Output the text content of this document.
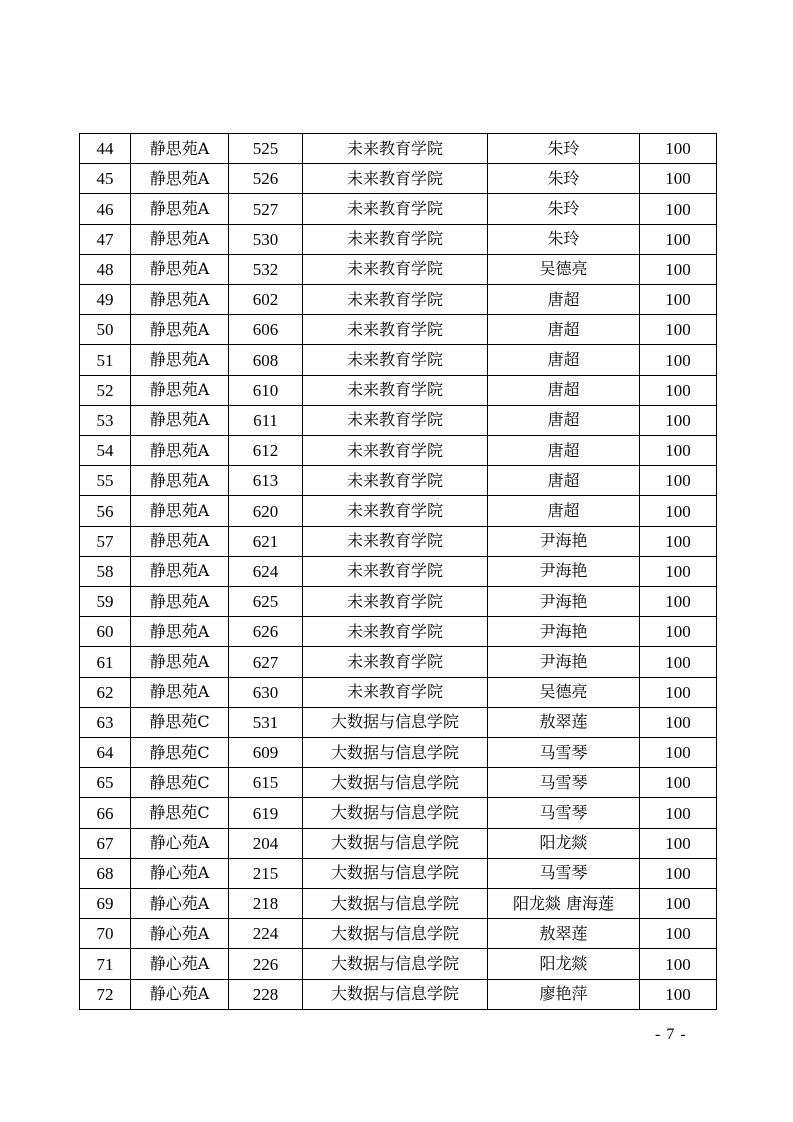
44	静思苑A	525	未来教育学院	朱玲	100
45	静思苑A	526	未来教育学院	朱玲	100
46	静思苑A	527	未来教育学院	朱玲	100
47	静思苑A	530	未来教育学院	朱玲	100
48	静思苑A	532	未来教育学院	吴德亮	100
49	静思苑A	602	未来教育学院	唐超	100
50	静思苑A	606	未来教育学院	唐超	100
51	静思苑A	608	未来教育学院	唐超	100
52	静思苑A	610	未来教育学院	唐超	100
53	静思苑A	611	未来教育学院	唐超	100
54	静思苑A	612	未来教育学院	唐超	100
55	静思苑A	613	未来教育学院	唐超	100
56	静思苑A	620	未来教育学院	唐超	100
57	静思苑A	621	未来教育学院	尹海艳	100
58	静思苑A	624	未来教育学院	尹海艳	100
59	静思苑A	625	未来教育学院	尹海艳	100
60	静思苑A	626	未来教育学院	尹海艳	100
61	静思苑A	627	未来教育学院	尹海艳	100
62	静思苑A	630	未来教育学院	吴德亮	100
63	静思苑C	531	大数据与信息学院	敖翠莲	100
64	静思苑C	609	大数据与信息学院	马雪琴	100
65	静思苑C	615	大数据与信息学院	马雪琴	100
66	静思苑C	619	大数据与信息学院	马雪琴	100
67	静心苑A	204	大数据与信息学院	阳龙燚	100
68	静心苑A	215	大数据与信息学院	马雪琴	100
69	静心苑A	218	大数据与信息学院	阳龙燚 唐海莲	100
70	静心苑A	224	大数据与信息学院	敖翠莲	100
71	静心苑A	226	大数据与信息学院	阳龙燚	100
72	静心苑A	228	大数据与信息学院	廖艳萍	100
- 7 -
